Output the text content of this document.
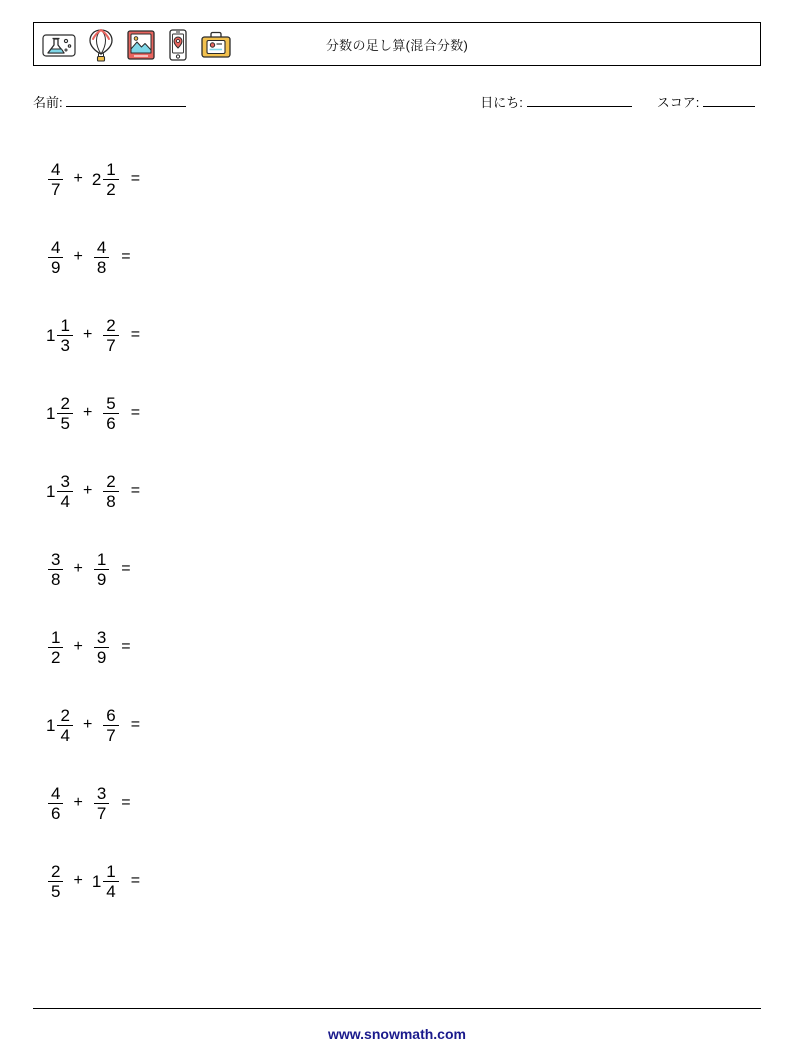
分数の足し算(混合分数)
名前:	日にち:	スコア:
$\frac{4}{7} + 2 \frac{1}{2}$ =
$\frac{4}{9} + \frac{4}{8}$ =
$1 \frac{1}{3} + \frac{2}{7}$ =
$1 \frac{2}{5} + \frac{5}{6}$ =
$1 \frac{3}{4} + \frac{2}{8}$ =
$\frac{3}{8} + \frac{1}{9}$ =
$\frac{1}{2} + \frac{3}{9}$ =
$1 \frac{2}{4} + \frac{6}{7}$ =
$\frac{4}{6} + \frac{3}{7}$ =
$\frac{2}{5} + 1 \frac{1}{4}$ =
www.snowmath.com
